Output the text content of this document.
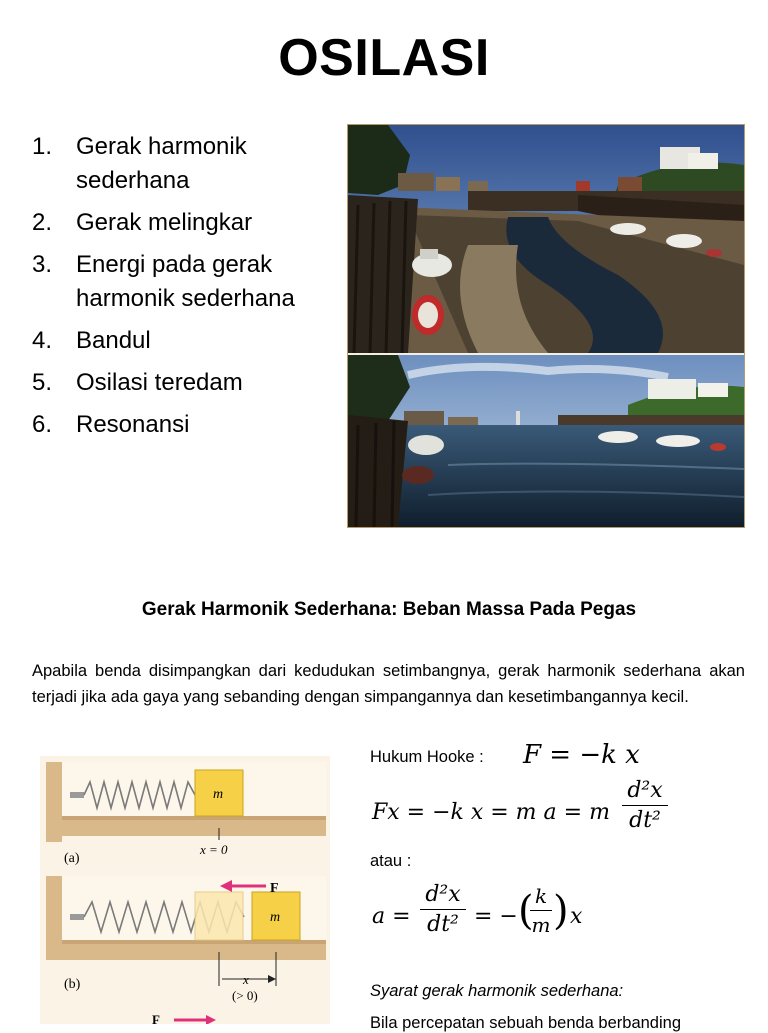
OSILASI
1. Gerak harmonik sederhana
2. Gerak melingkar
3. Energi pada gerak harmonik sederhana
4. Bandul
5. Osilasi teredam
6. Resonansi
Gerak Harmonik Sederhana: Beban Massa Pada Pegas
Apabila benda disimpangkan dari kedudukan setimbangnya, gerak harmonik sederhana akan terjadi jika ada gaya yang sebanding dengan simpangannya dan kesetimbangannya kecil.
m
x = 0
(a)
m
F
x
(> 0)
(b)
F
Hukum Hooke : F = −k x
Fx = −k x = m a = m
d²x
dt²
atau :
a =
d²x
dt² = − ( k
m ) x
Syarat gerak harmonik sederhana:
Bila percepatan sebuah benda berbanding
